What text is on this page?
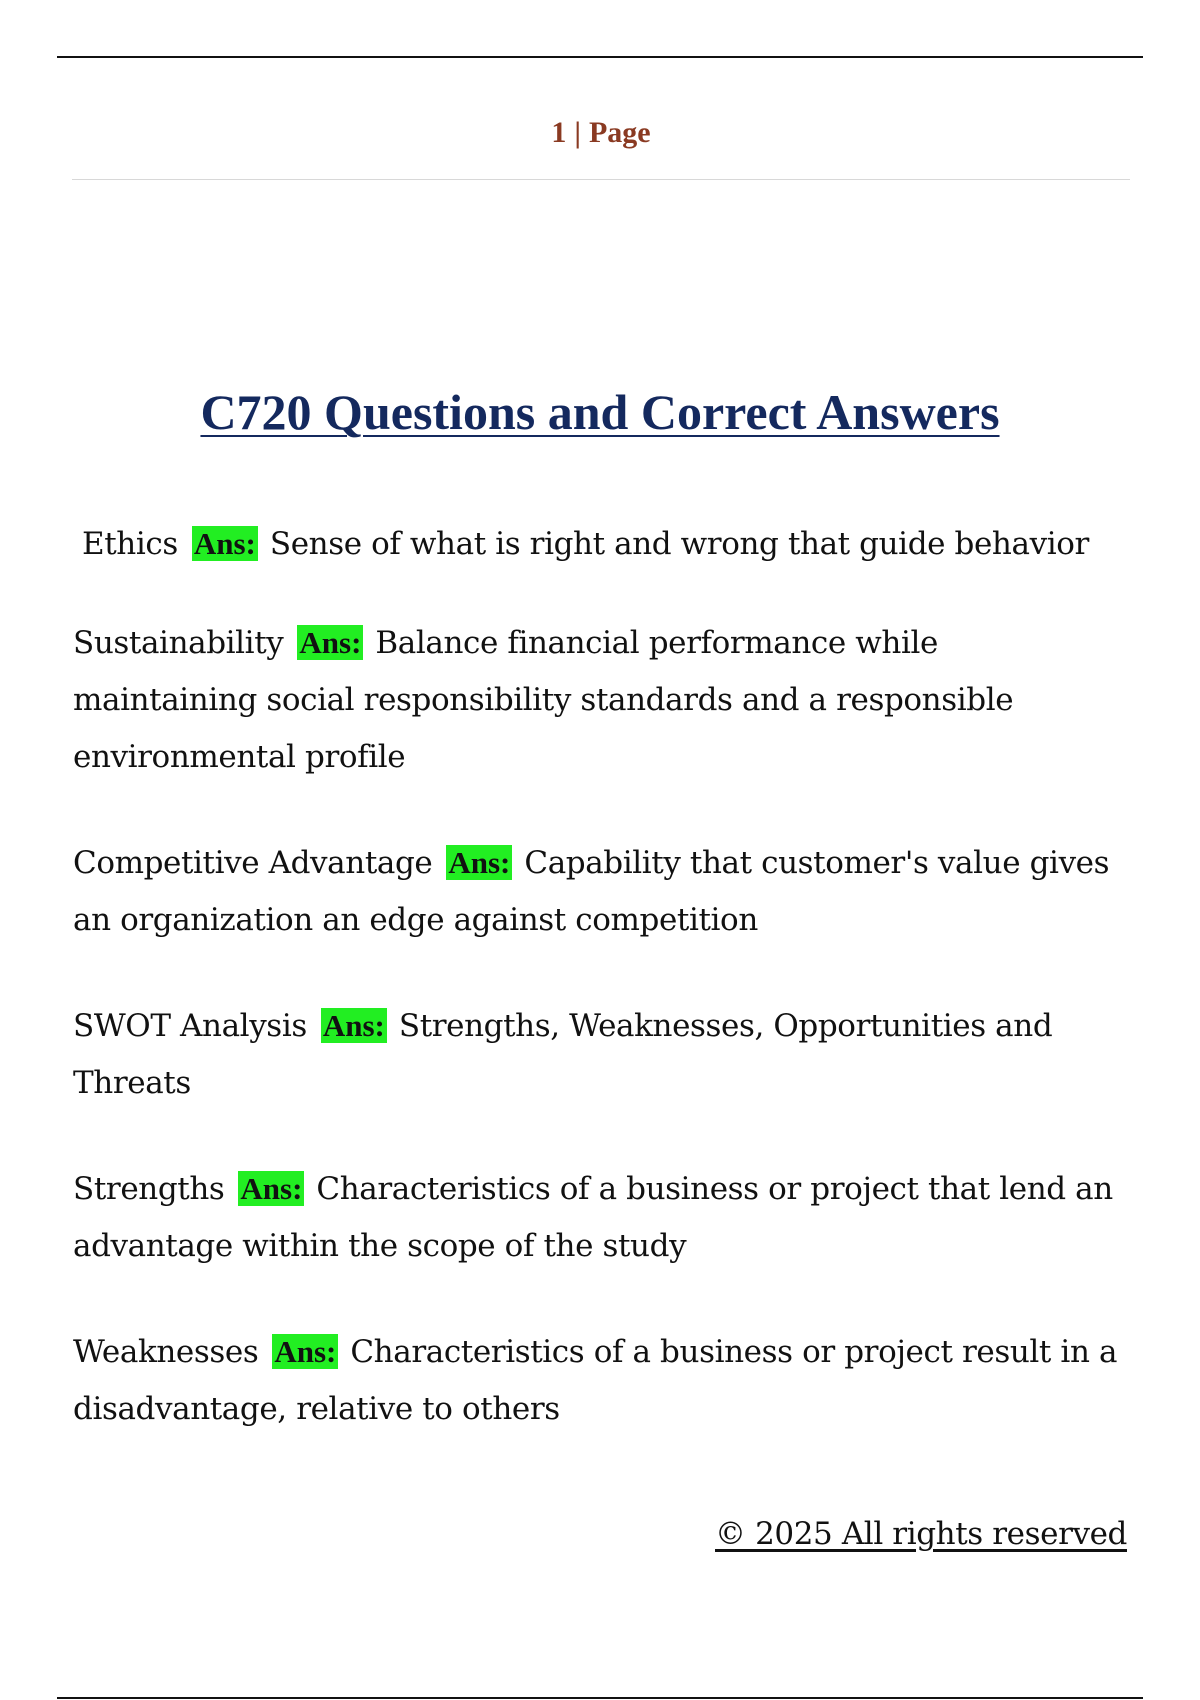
1 | Page
C720 Questions and Correct Answers

Ethics Ans: Sense of what is right and wrong that guide behavior

Sustainability Ans: Balance financial performance while maintaining social responsibility standards and a responsible environmental profile

Competitive Advantage Ans: Capability that customer's value gives an organization an edge against competition

SWOT Analysis Ans: Strengths, Weaknesses, Opportunities and Threats

Strengths Ans: Characteristics of a business or project that lend an advantage within the scope of the study

Weaknesses Ans: Characteristics of a business or project result in a disadvantage, relative to others

© 2025 All rights reserved
